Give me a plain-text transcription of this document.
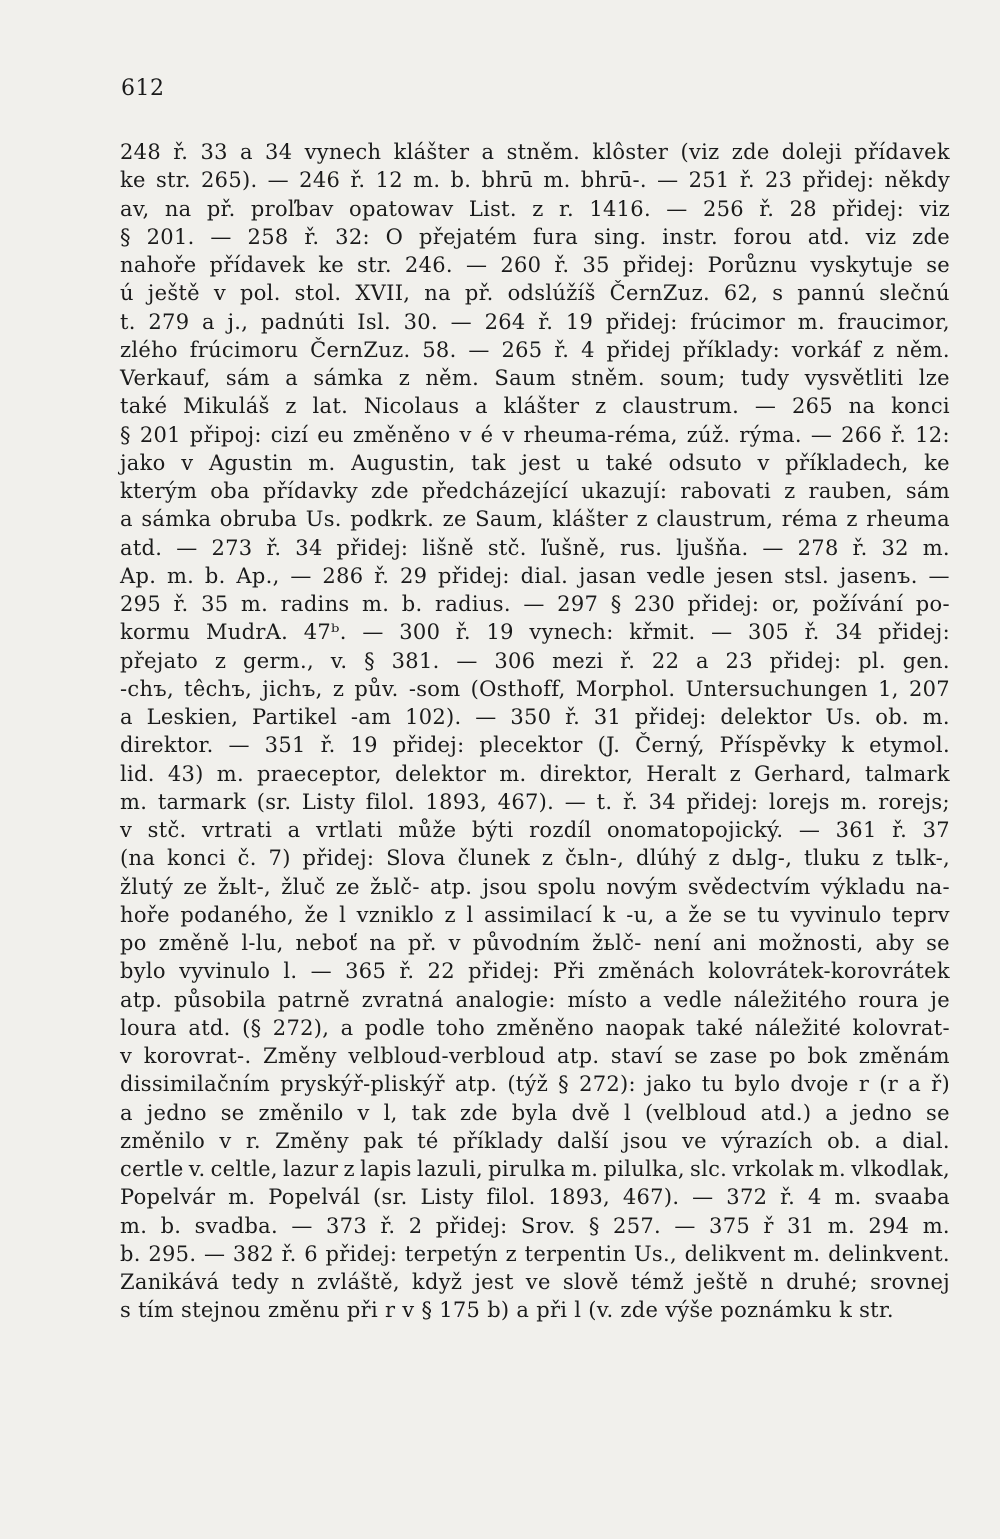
612
248 ř. 33 a 34 vynech klášter a stněm. klôster (viz zde doleji přídavek
ke str. 265). — 246 ř. 12 m. b. bhrū m. bhrū-. — 251 ř. 23 přidej: někdy
av, na př. proľbav opatowav List. z r. 1416. — 256 ř. 28 přidej: viz
§ 201. — 258 ř. 32: O přejatém fura sing. instr. forou atd. viz zde
nahoře přídavek ke str. 246. — 260 ř. 35 přidej: Porůznu vyskytuje se
ú ještě v pol. stol. XVII, na př. odslúžíš ČernZuz. 62, s pannú slečnú
t. 279 a j., padnúti Isl. 30. — 264 ř. 19 přidej: frúcimor m. fraucimor,
zlého frúcimoru ČernZuz. 58. — 265 ř. 4 přidej příklady: vorkáf z něm.
Verkauf, sám a sámka z něm. Saum stněm. soum; tudy vysvětliti lze
také Mikuláš z lat. Nicolaus a klášter z claustrum. — 265 na konci
§ 201 připoj: cizí eu změněno v é v rheuma-réma, zúž. rýma. — 266 ř. 12:
jako v Agustin m. Augustin, tak jest u také odsuto v příkladech, ke
kterým oba přídavky zde předcházející ukazují: rabovati z rauben, sám
a sámka obruba Us. podkrk. ze Saum, klášter z claustrum, réma z rheuma
atd. — 273 ř. 34 přidej: lišně stč. ľušně, rus. ljušňa. — 278 ř. 32 m.
Ap. m. b. Ap., — 286 ř. 29 přidej: dial. jasan vedle jesen stsl. jasenъ. —
295 ř. 35 m. radins m. b. radius. — 297 § 230 přidej: or, požívání po-
kormu MudrA. 47ᵇ. — 300 ř. 19 vynech: křmit. — 305 ř. 34 přidej:
přejato z germ., v. § 381. — 306 mezi ř. 22 a 23 přidej: pl. gen.
-chъ, têchъ, jichъ, z pův. -som (Osthoff, Morphol. Untersuchungen 1, 207
a Leskien, Partikel -am 102). — 350 ř. 31 přidej: delektor Us. ob. m.
direktor. — 351 ř. 19 přidej: plecektor (J. Černý, Příspěvky k etymol.
lid. 43) m. praeceptor, delektor m. direktor, Heralt z Gerhard, talmark
m. tarmark (sr. Listy filol. 1893, 467). — t. ř. 34 přidej: lorejs m. rorejs;
v stč. vrtrati a vrtlati může býti rozdíl onomatopojický. — 361 ř. 37
(na konci č. 7) přidej: Slova člunek z čьln-, dlúhý z dьlg-, tluku z tьlk-,
žlutý ze žьlt-, žluč ze žьlč- atp. jsou spolu novým svědectvím výkladu na-
hoře podaného, že l vzniklo z l assimilací k -u, a že se tu vyvinulo teprv
po změně l-lu, neboť na př. v původním žьlč- není ani možnosti, aby se
bylo vyvinulo l. — 365 ř. 22 přidej: Při změnách kolovrátek-korovrátek
atp. působila patrně zvratná analogie: místo a vedle náležitého roura je
loura atd. (§ 272), a podle toho změněno naopak také náležité kolovrat-
v korovrat-. Změny velbloud-verbloud atp. staví se zase po bok změnám
dissimilačním pryskýř-pliskýř atp. (týž § 272): jako tu bylo dvoje r (r a ř)
a jedno se změnilo v l, tak zde byla dvě l (velbloud atd.) a jedno se
změnilo v r. Změny pak té příklady další jsou ve výrazích ob. a dial.
certle v. celtle, lazur z lapis lazuli, pirulka m. pilulka, slc. vrkolak m. vlkodlak,
Popelvár m. Popelvál (sr. Listy filol. 1893, 467). — 372 ř. 4 m. svaaba
m. b. svadba. — 373 ř. 2 přidej: Srov. § 257. — 375 ř 31 m. 294 m.
b. 295. — 382 ř. 6 přidej: terpetýn z terpentin Us., delikvent m. delinkvent.
Zanikává tedy n zvláště, když jest ve slově témž ještě n druhé; srovnej
s tím stejnou změnu při r v § 175 b) a při l (v. zde výše poznámku k str.
